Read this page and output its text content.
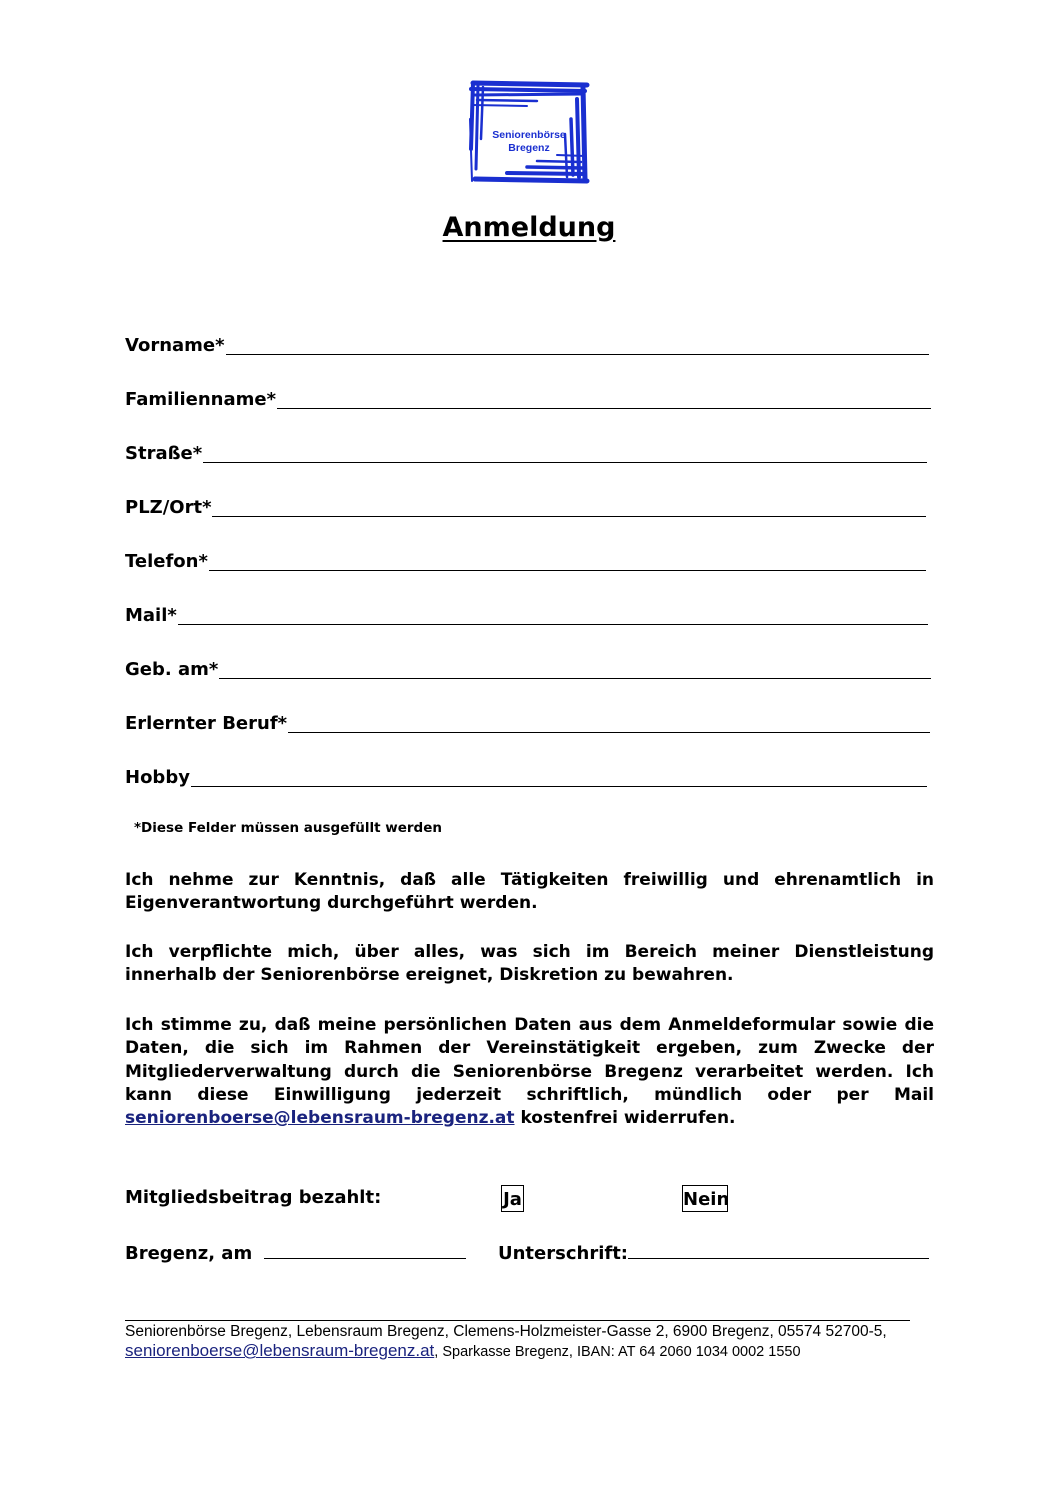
Seniorenbörse
Bregenz
Anmeldung
Vorname*
Familienname*
Straße*
PLZ/Ort*
Telefon*
Mail*
Geb. am*
Erlernter Beruf*
Hobby
*Diese Felder müssen ausgefüllt werden
Ich nehme zur Kenntnis, daß alle Tätigkeiten freiwillig und ehrenamtlich in Eigenverantwortung durchgeführt werden.
Ich verpflichte mich, über alles, was sich im Bereich meiner Dienstleistung innerhalb der Seniorenbörse ereignet, Diskretion zu bewahren.
Ich stimme zu, daß meine persönlichen Daten aus dem Anmeldeformular sowie die Daten, die sich im Rahmen der Vereinstätigkeit ergeben, zum Zwecke der Mitgliederverwaltung durch die Seniorenbörse Bregenz verarbeitet werden. Ich kann diese Einwilligung jederzeit schriftlich, mündlich oder per Mail seniorenboerse@lebensraum-bregenz.at kostenfrei widerrufen.
Mitgliedsbeitrag bezahlt:	Ja	Nein
Bregenz, am	Unterschrift:
Seniorenbörse Bregenz, Lebensraum Bregenz, Clemens-Holzmeister-Gasse 2, 6900 Bregenz, 05574 52700-5,
seniorenboerse@lebensraum-bregenz.at, Sparkasse Bregenz, IBAN: AT 64 2060 1034 0002 1550
